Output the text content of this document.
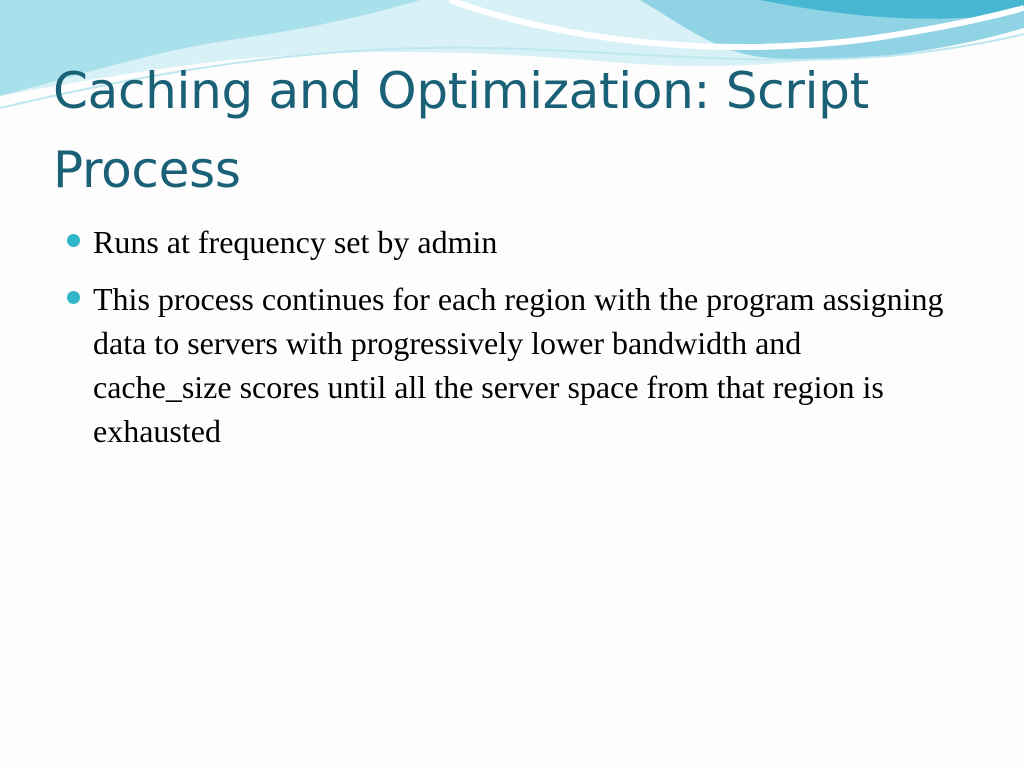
Caching and Optimization: Script Process
Runs at frequency set by admin
This process continues for each region with the program assigning data to servers with progressively lower bandwidth and cache_size scores until all the server space from that region is exhausted
